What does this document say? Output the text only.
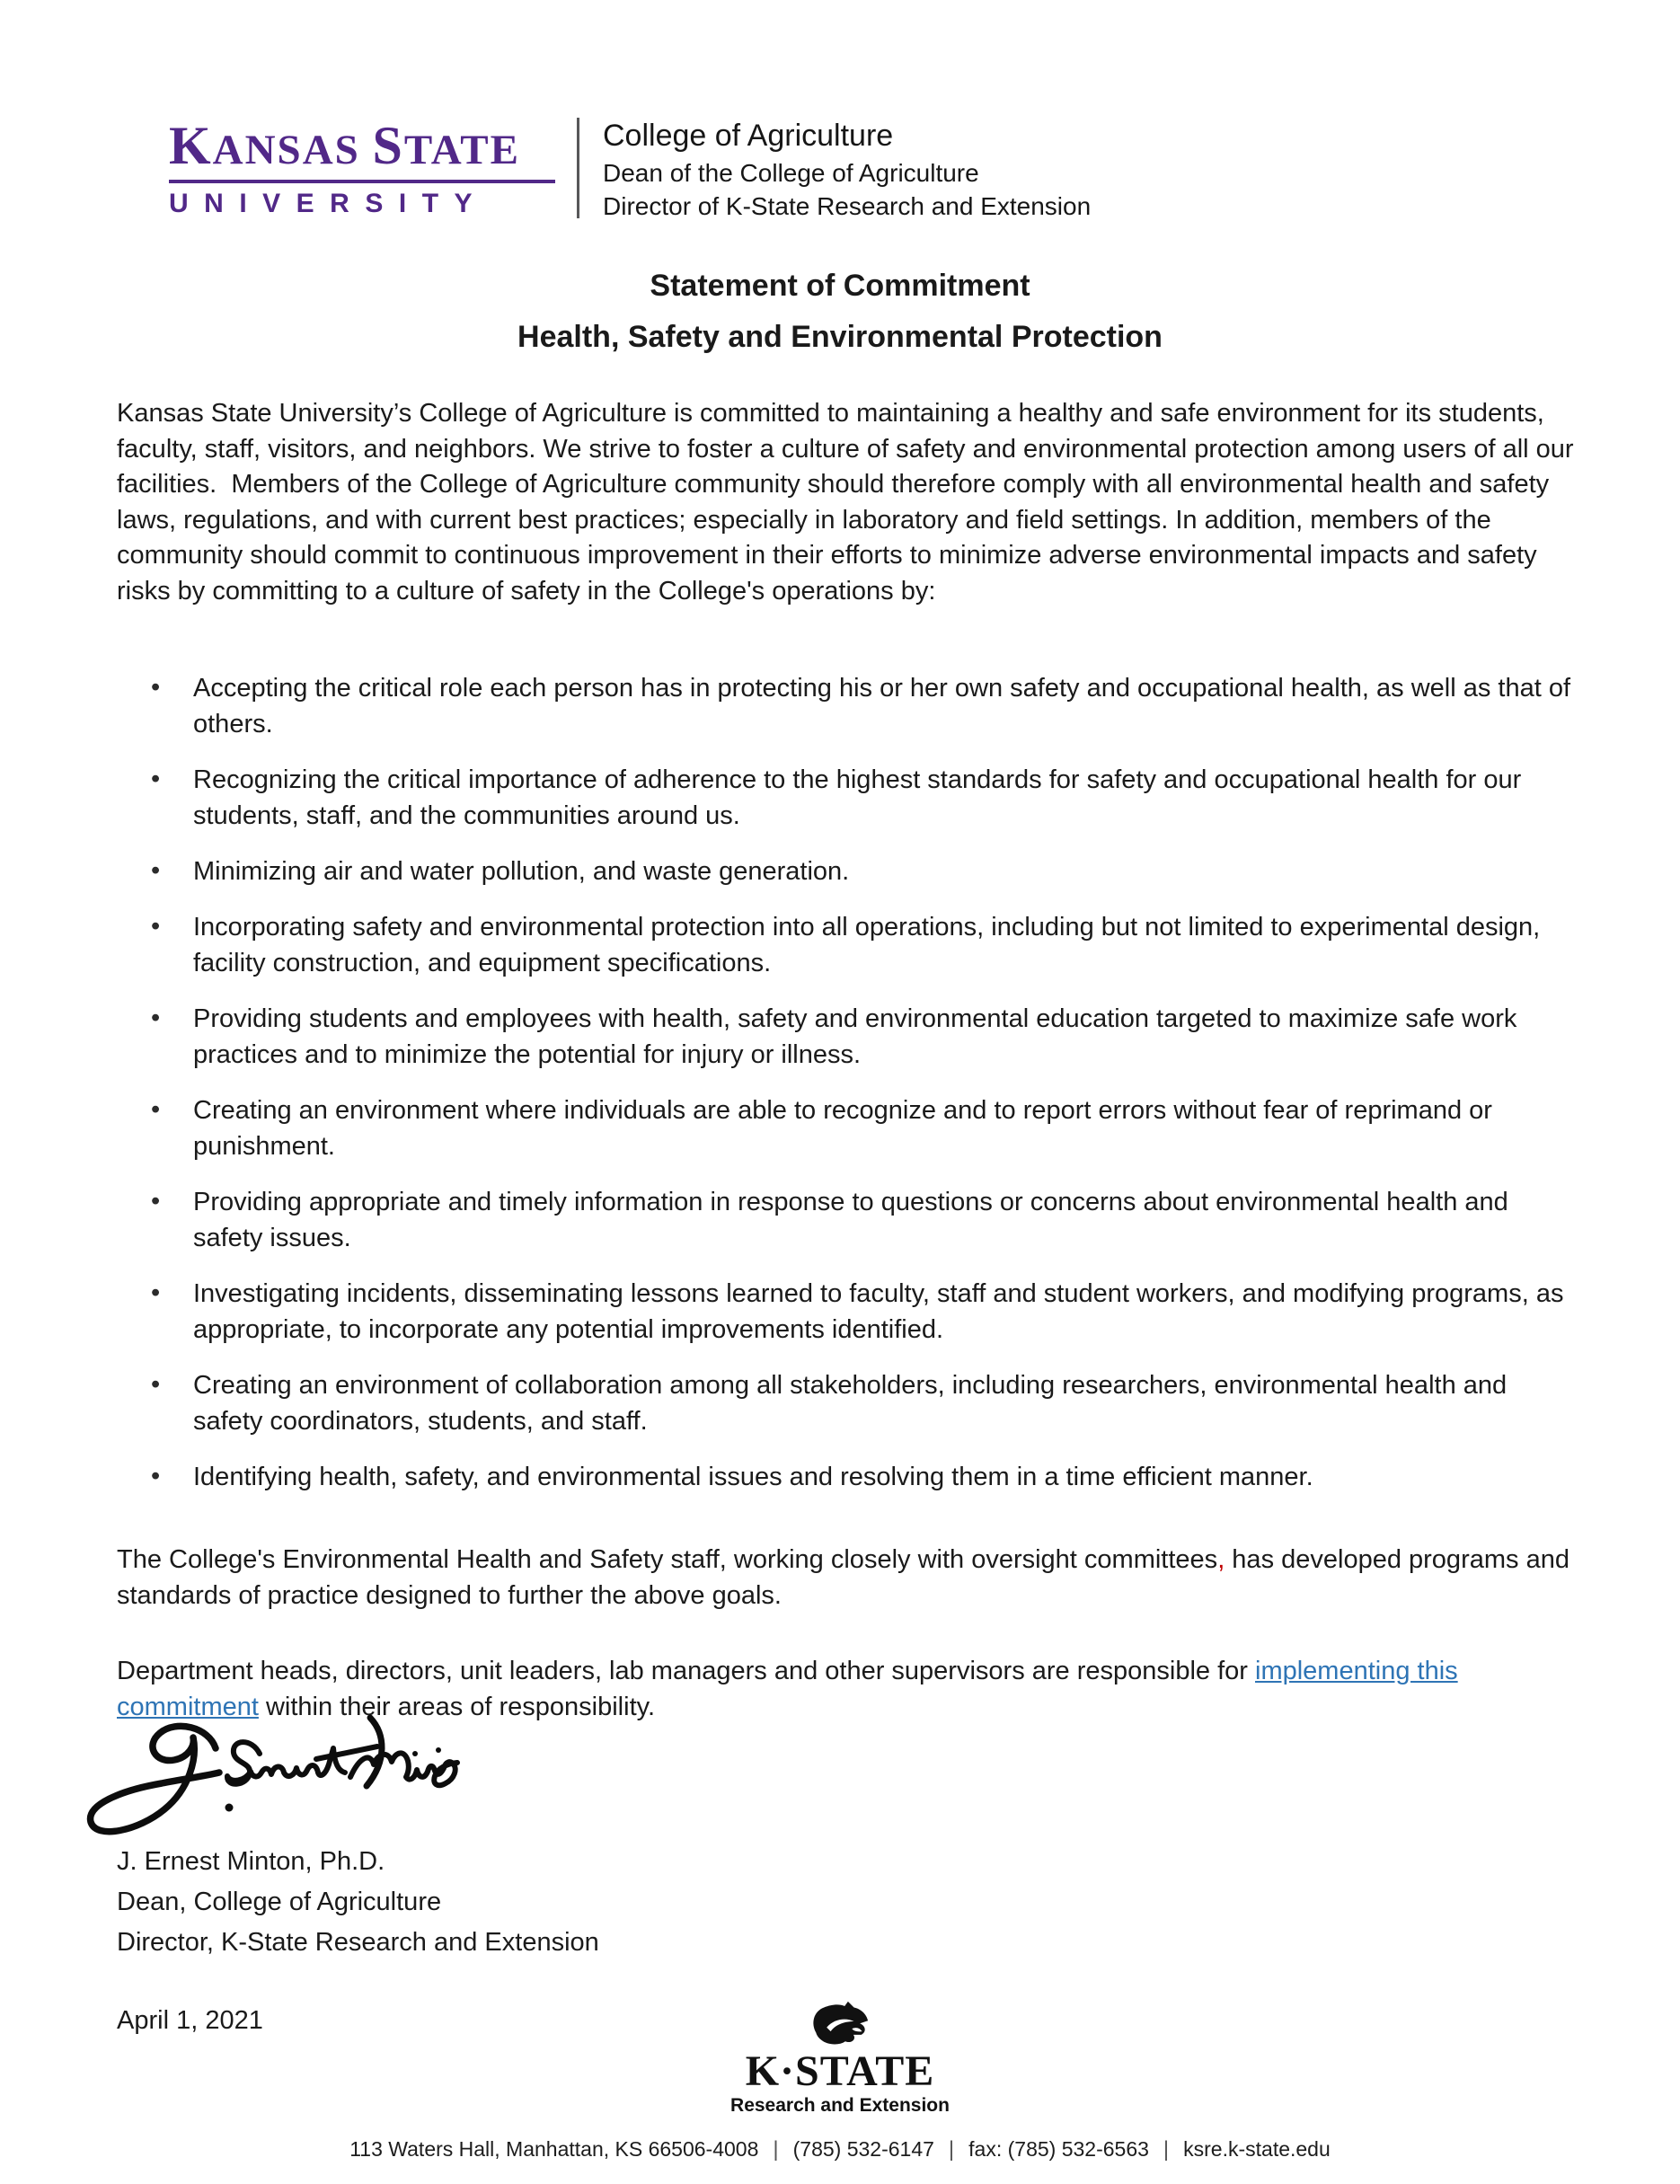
KANSAS STATE
UNIVERSITY
College of Agriculture
Dean of the College of Agriculture
Director of K-State Research and Extension
Statement of Commitment
Health, Safety and Environmental Protection

Kansas State University’s College of Agriculture is committed to maintaining a healthy and safe environment for its students, faculty, staff, visitors, and neighbors. We strive to foster a culture of safety and environmental protection among users of all our facilities.  Members of the College of Agriculture community should therefore comply with all environmental health and safety laws, regulations, and with current best practices; especially in laboratory and field settings. In addition, members of the community should commit to continuous improvement in their efforts to minimize adverse environmental impacts and safety risks by committing to a culture of safety in the College's operations by:

• Accepting the critical role each person has in protecting his or her own safety and occupational health, as well as that of others.
• Recognizing the critical importance of adherence to the highest standards for safety and occupational health for our students, staff, and the communities around us.
• Minimizing air and water pollution, and waste generation.
• Incorporating safety and environmental protection into all operations, including but not limited to experimental design, facility construction, and equipment specifications.
• Providing students and employees with health, safety and environmental education targeted to maximize safe work practices and to minimize the potential for injury or illness.
• Creating an environment where individuals are able to recognize and to report errors without fear of reprimand or punishment.
• Providing appropriate and timely information in response to questions or concerns about environmental health and safety issues.
• Investigating incidents, disseminating lessons learned to faculty, staff and student workers, and modifying programs, as appropriate, to incorporate any potential improvements identified.
• Creating an environment of collaboration among all stakeholders, including researchers, environmental health and safety coordinators, students, and staff.
• Identifying health, safety, and environmental issues and resolving them in a time efficient manner.

The College's Environmental Health and Safety staff, working closely with oversight committees, has developed programs and standards of practice designed to further the above goals.

Department heads, directors, unit leaders, lab managers and other supervisors are responsible for implementing this commitment within their areas of responsibility.

J. Ernest Minton, Ph.D.
Dean, College of Agriculture
Director, K-State Research and Extension
April 1, 2021
K·STATE
Research and Extension
113 Waters Hall, Manhattan, KS 66506-4008 | (785) 532-6147 | fax: (785) 532-6563 | ksre.k-state.edu
